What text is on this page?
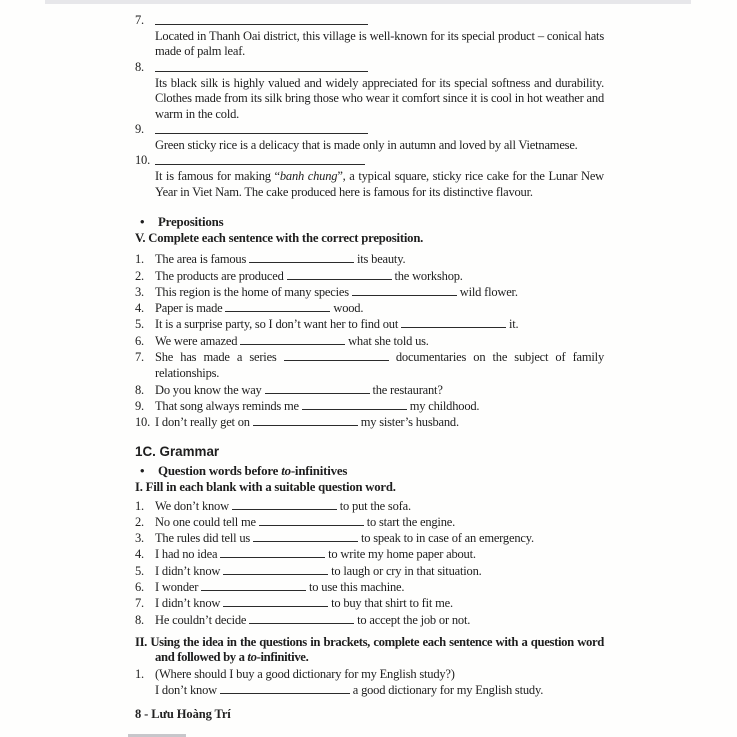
7.
Located in Thanh Oai district, this village is well-known for its special product – conical hats made of palm leaf.
8.
Its black silk is highly valued and widely appreciated for its special softness and durability. Clothes made from its silk bring those who wear it comfort since it is cool in hot weather and warm in the cold.
9.
Green sticky rice is a delicacy that is made only in autumn and loved by all Vietnamese.
10.
It is famous for making “banh chung”, a typical square, sticky rice cake for the Lunar New Year in Viet Nam. The cake produced here is famous for its distinctive flavour.
• Prepositions
V. Complete each sentence with the correct preposition.
1. The area is famous	its beauty.
2. The products are produced	the workshop.
3. This region is the home of many species	wild flower.
4. Paper is made	wood.
5. It is a surprise party, so I don’t want her to find out	it.
6. We were amazed	what she told us.
7. She has made a series	documentaries on the subject of family relationships.
8. Do you know the way	the restaurant?
9. That song always reminds me	my childhood.
10. I don’t really get on	my sister’s husband.
1C. Grammar
• Question words before to-infinitives
I. Fill in each blank with a suitable question word.
1. We don’t know	to put the sofa.
2. No one could tell me	to start the engine.
3. The rules did tell us	to speak to in case of an emergency.
4. I had no idea	to write my home paper about.
5. I didn’t know	to laugh or cry in that situation.
6. I wonder	to use this machine.
7. I didn’t know	to buy that shirt to fit me.
8. He couldn’t decide	to accept the job or not.
II. Using the idea in the questions in brackets, complete each sentence with a question word and followed by a to-infinitive.
1. (Where should I buy a good dictionary for my English study?)
I don’t know	a good dictionary for my English study.
8 - Lưu Hoàng Trí
